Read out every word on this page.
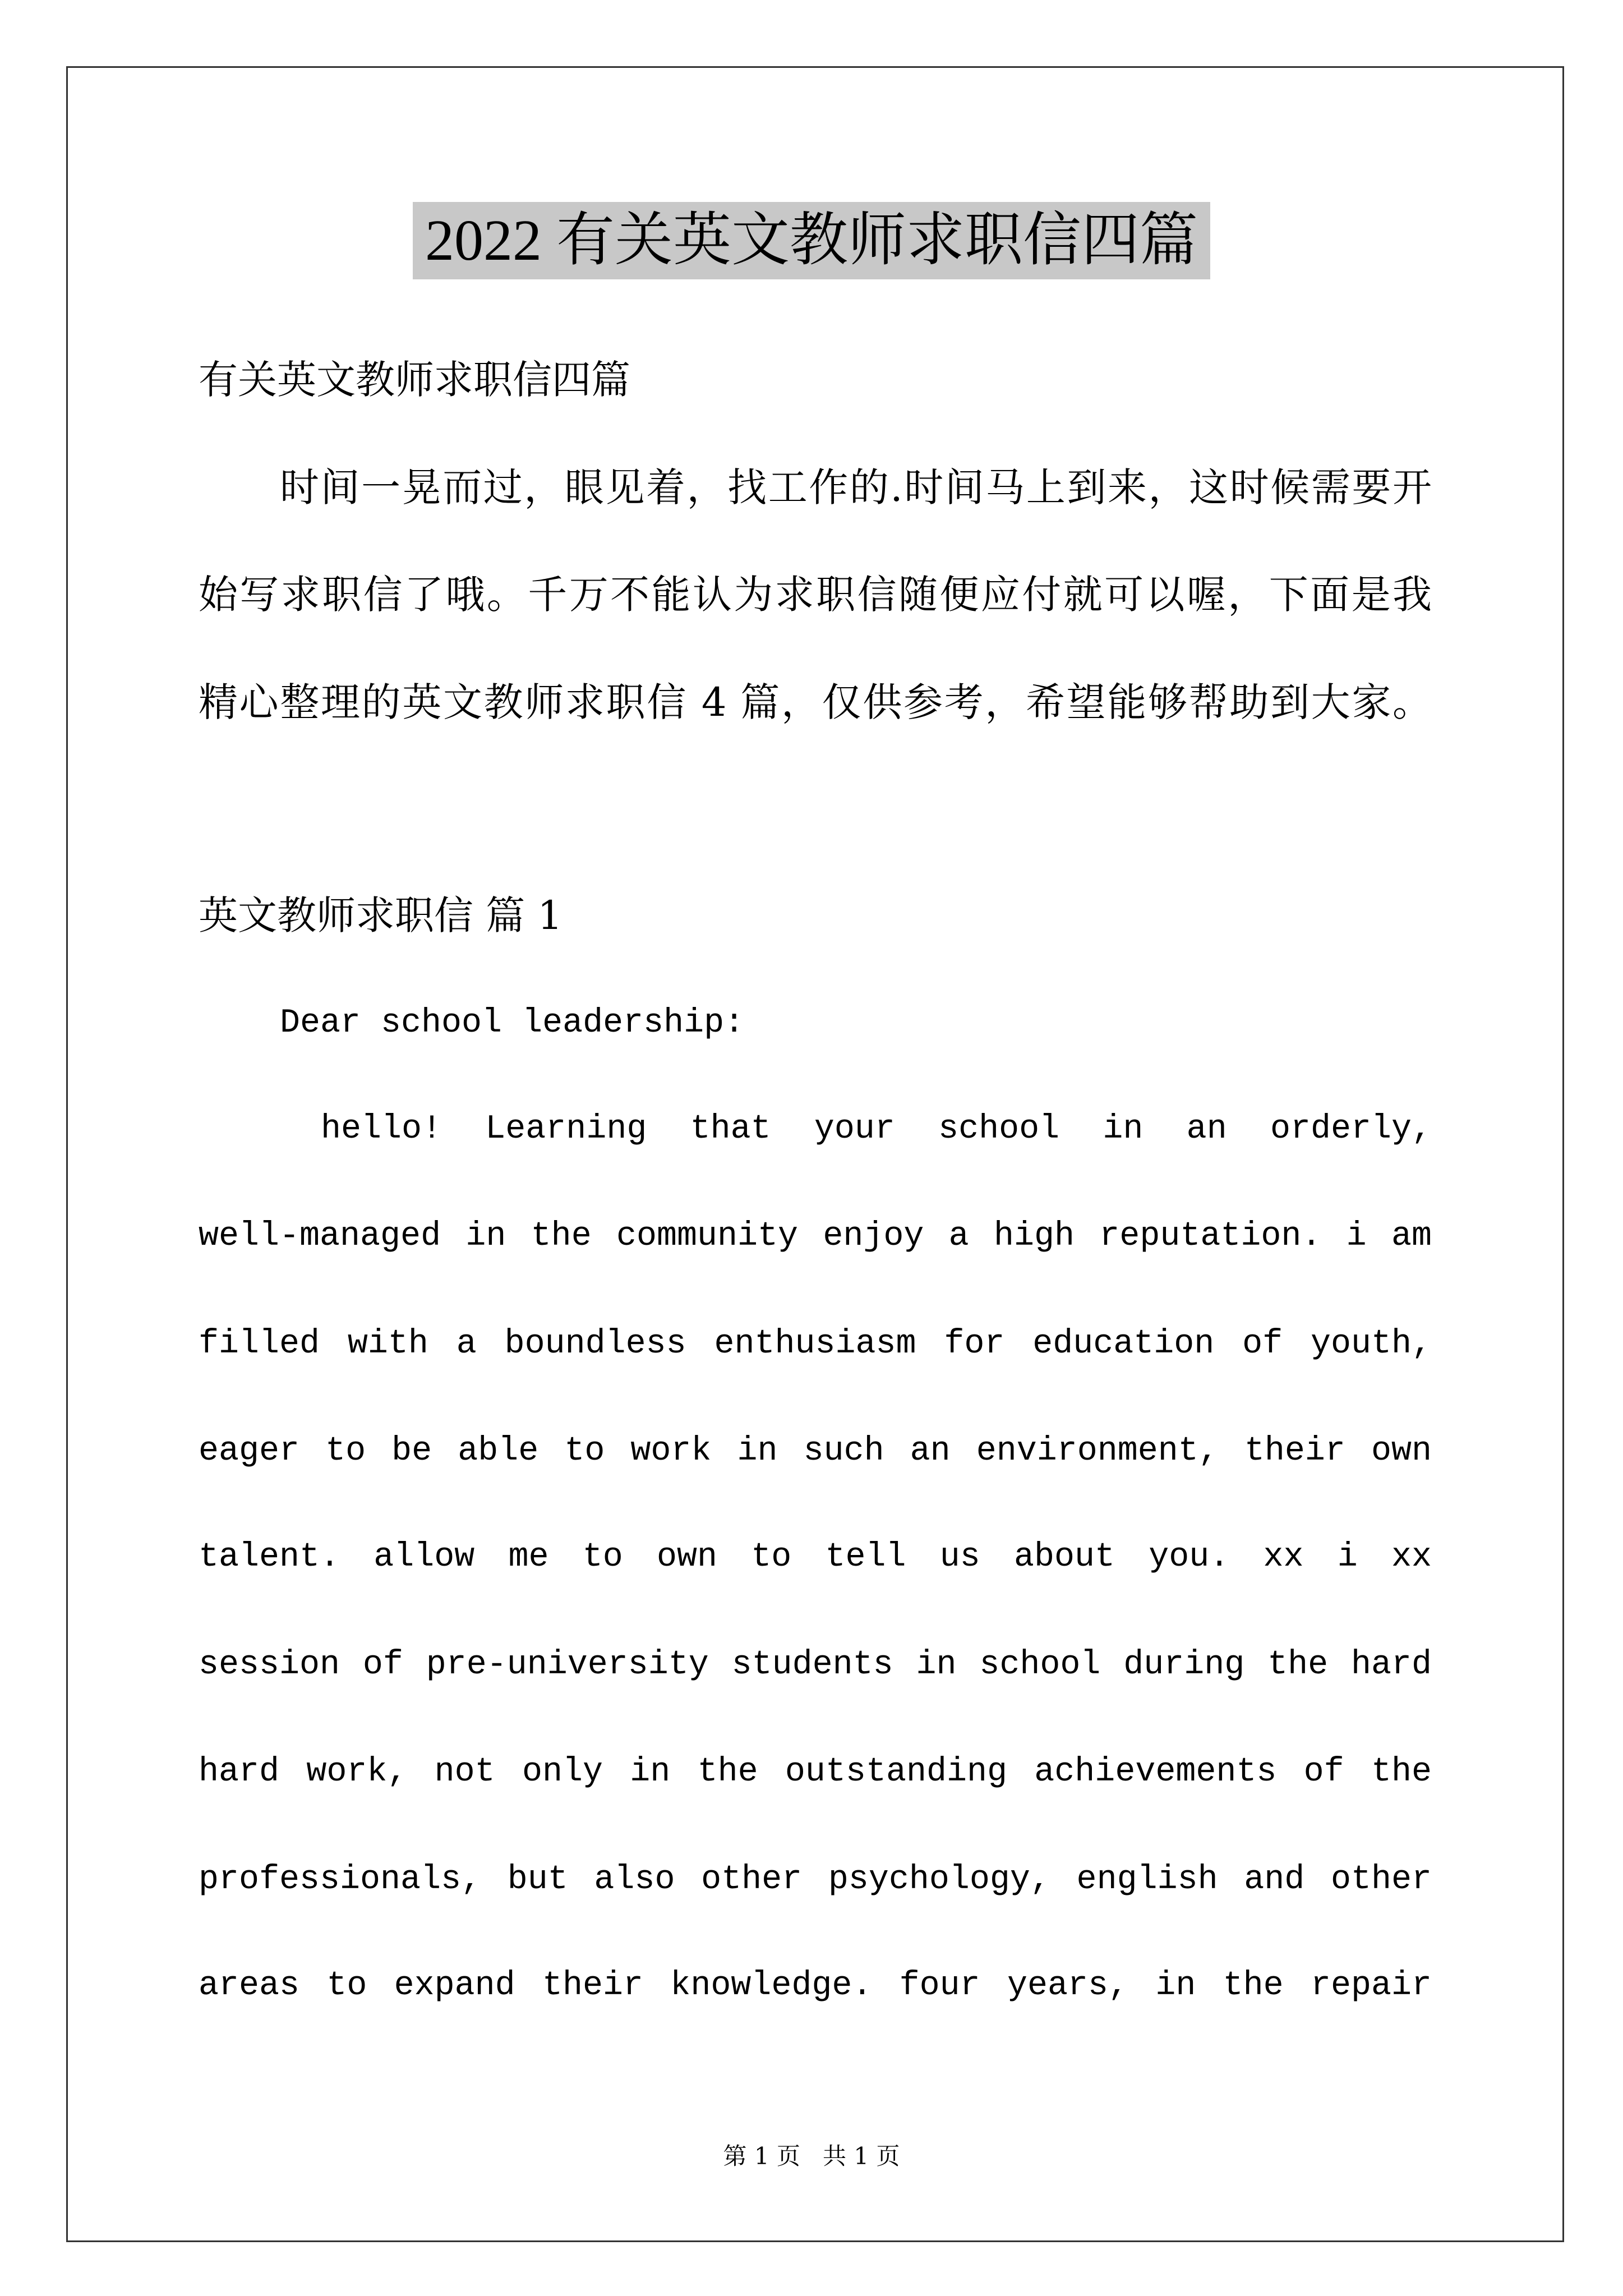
2022 有关英文教师求职信四篇
有关英文教师求职信四篇
时间一晃而过，眼见着，找工作的.时间马上到来，这时候需要开
始写求职信了哦。千万不能认为求职信随便应付就可以喔，下面是我
精心整理的英文教师求职信 4 篇，仅供参考，希望能够帮助到大家。
英文教师求职信 篇 1
Dear school leadership:
hello! Learning that your school in an orderly,
well-managed in the community enjoy a high reputation. i am
filled with a boundless enthusiasm for education of youth,
eager to be able to work in such an environment, their own
talent. allow me to own to tell us about you. xx i xx
session of pre-university students in school during the hard
hard work, not only in the outstanding achievements of the
professionals, but also other psychology, english and other
areas to expand their knowledge. four years, in the repair
第 1 页   共 1 页
